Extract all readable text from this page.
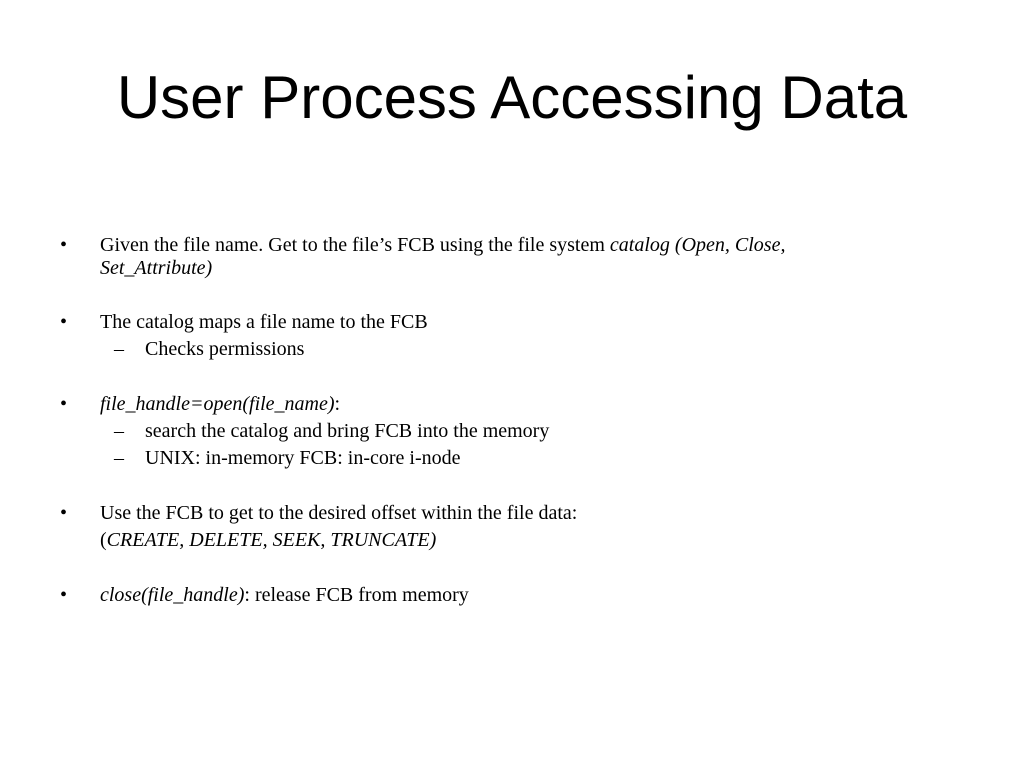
User Process Accessing Data
•	Given the file name. Get to the file’s FCB using the file system catalog (Open, Close,
Set_Attribute)
•	The catalog maps a file name to the FCB
–	Checks permissions
•	file_handle=open(file_name):
–	search the catalog and bring FCB into the memory
–	UNIX: in-memory FCB: in-core i-node
•	Use the FCB to get to the desired offset within the file data:
(CREATE, DELETE, SEEK, TRUNCATE)
•	close(file_handle): release FCB from memory
